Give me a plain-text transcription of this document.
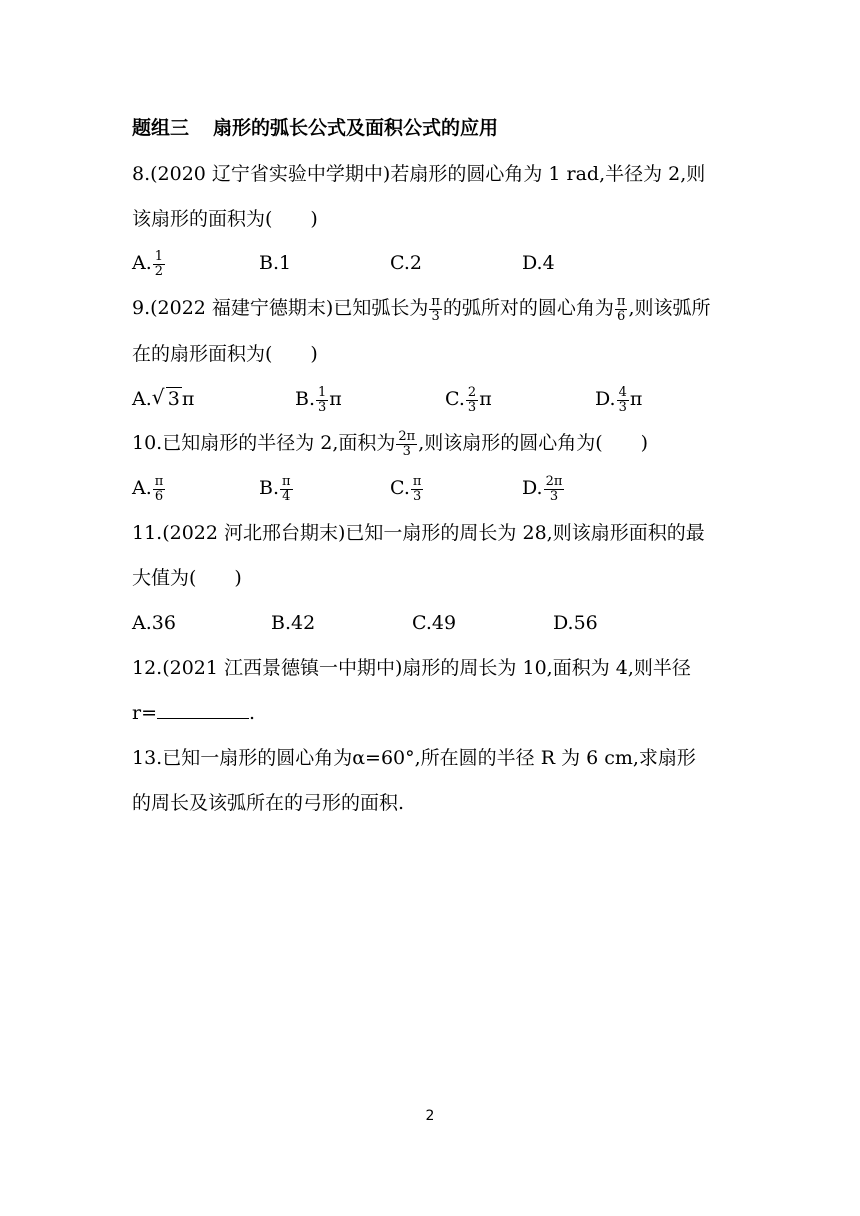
题组三 扇形的弧长公式及面积公式的应用
8.(2020 辽宁省实验中学期中)若扇形的圆心角为 1 rad,半径为 2,则
该扇形的面积为(　　)
A. $\frac{1}{2}$	B.1	C.2	D.4
9.(2022 福建宁德期末)已知弧长为 $\frac{\pi}{3}$ 的弧所对的圆心角为 $\frac{\pi}{6}$ ,则该弧所
在的扇形面积为(　　)
A. √ 3 π	B. $\frac{1}{3}$ π	C. $\frac{2}{3}$ π	D. $\frac{4}{3}$ π
10.已知扇形的半径为 2,面积为 $\frac{2\pi}{3}$ ,则该扇形的圆心角为(　　)
A. $\frac{\pi}{6}$	B. $\frac{\pi}{4}$	C. $\frac{\pi}{3}$	D. $\frac{2\pi}{3}$
11.(2022 河北邢台期末)已知一扇形的周长为 28,则该扇形面积的最
大值为(　　)
A.36	B.42	C.49	D.56
12.(2021 江西景德镇一中期中)扇形的周长为 10,面积为 4,则半径
r=	.
13.已知一扇形的圆心角为α=60°,所在圆的半径 R 为 6 cm,求扇形
的周长及该弧所在的弓形的面积.
2
